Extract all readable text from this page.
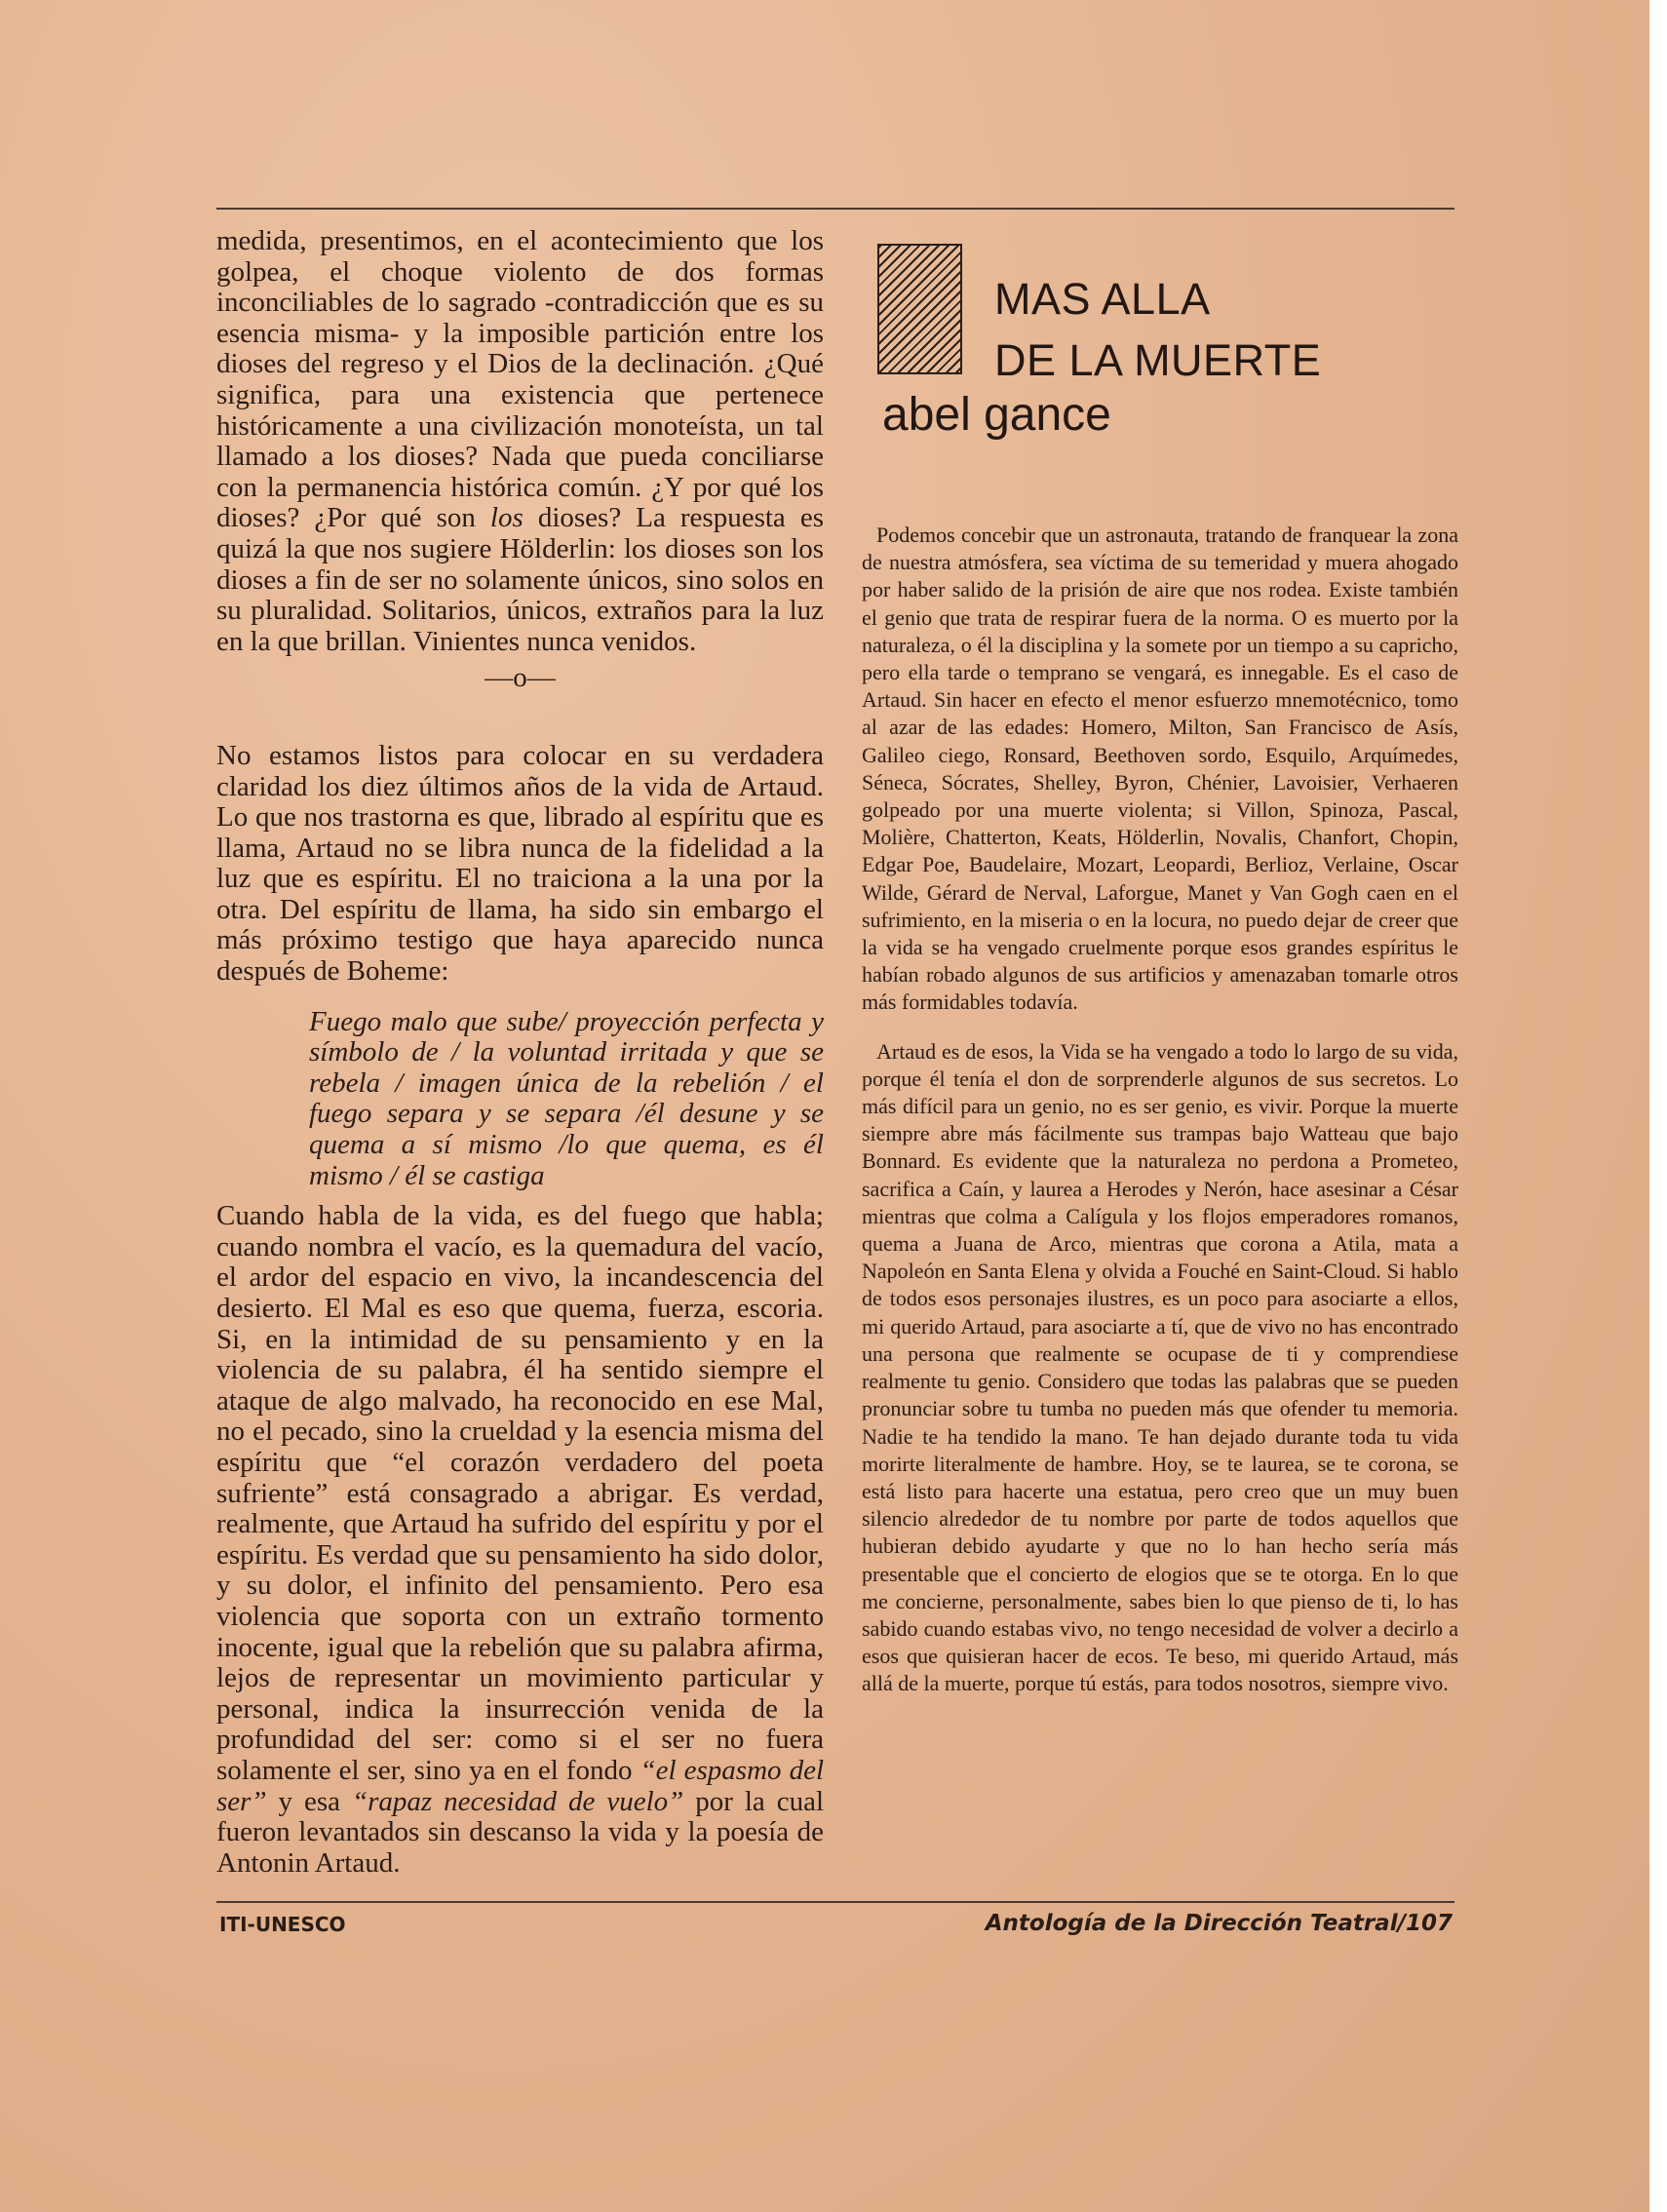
medida, presentimos, en el acontecimiento que los golpea, el choque violento de dos formas inconciliables de lo sagrado -contradicción que es su esencia misma- y la imposible partición entre los dioses del regreso y el Dios de la declinación. ¿Qué significa, para una existencia que pertenece históricamente a una civilización monoteísta, un tal llamado a los dioses? Nada que pueda conciliarse con la permanencia histórica común. ¿Y por qué los dioses? ¿Por qué son los dioses? La respuesta es quizá la que nos sugiere Hölderlin: los dioses son los dioses a fin de ser no solamente únicos, sino solos en su pluralidad. Solitarios, únicos, extraños para la luz en la que brillan. Vinientes nunca venidos.

—o—

No estamos listos para colocar en su verdadera claridad los diez últimos años de la vida de Artaud. Lo que nos trastorna es que, librado al espíritu que es llama, Artaud no se libra nunca de la fidelidad a la luz que es espíritu. El no traiciona a la una por la otra. Del espíritu de llama, ha sido sin embargo el más próximo testigo que haya aparecido nunca después de Boheme:

Fuego malo que sube/ proyección perfecta y símbolo de / la voluntad irritada y que se rebela / imagen única de la rebelión / el fuego separa y se separa /él desune y se quema a sí mismo /lo que quema, es él mismo / él se castiga

Cuando habla de la vida, es del fuego que habla; cuando nombra el vacío, es la quemadura del vacío, el ardor del espacio en vivo, la incandescencia del desierto. El Mal es eso que quema, fuerza, escoria. Si, en la intimidad de su pensamiento y en la violencia de su palabra, él ha sentido siempre el ataque de algo malvado, ha reconocido en ese Mal, no el pecado, sino la crueldad y la esencia misma del espíritu que “el corazón verdadero del poeta sufriente” está consagrado a abrigar. Es verdad, realmente, que Artaud ha sufrido del espíritu y por el espíritu. Es verdad que su pensamiento ha sido dolor, y su dolor, el infinito del pensamiento. Pero esa violencia que soporta con un extraño tormento inocente, igual que la rebelión que su palabra afirma, lejos de representar un movimiento particular y personal, indica la insurrección venida de la profundidad del ser: como si el ser no fuera solamente el ser, sino ya en el fondo “el espasmo del ser” y esa “rapaz necesidad de vuelo” por la cual fueron levantados sin descanso la vida y la poesía de Antonin Artaud.

MAS ALLA
DE LA MUERTE
abel gance

Podemos concebir que un astronauta, tratando de franquear la zona de nuestra atmósfera, sea víctima de su temeridad y muera ahogado por haber salido de la prisión de aire que nos rodea. Existe también el genio que trata de respirar fuera de la norma. O es muerto por la naturaleza, o él la disciplina y la somete por un tiempo a su capricho, pero ella tarde o temprano se vengará, es innegable. Es el caso de Artaud. Sin hacer en efecto el menor esfuerzo mnemotécnico, tomo al azar de las edades: Homero, Milton, San Francisco de Asís, Galileo ciego, Ronsard, Beethoven sordo, Esquilo, Arquímedes, Séneca, Sócrates, Shelley, Byron, Chénier, Lavoisier, Verhaeren golpeado por una muerte violenta; si Villon, Spinoza, Pascal, Molière, Chatterton, Keats, Hölderlin, Novalis, Chanfort, Chopin, Edgar Poe, Baudelaire, Mozart, Leopardi, Berlioz, Verlaine, Oscar Wilde, Gérard de Nerval, Laforgue, Manet y Van Gogh caen en el sufrimiento, en la miseria o en la locura, no puedo dejar de creer que la vida se ha vengado cruelmente porque esos grandes espíritus le habían robado algunos de sus artificios y amenazaban tomarle otros más formidables todavía.

Artaud es de esos, la Vida se ha vengado a todo lo largo de su vida, porque él tenía el don de sorprenderle algunos de sus secretos. Lo más difícil para un genio, no es ser genio, es vivir. Porque la muerte siempre abre más fácilmente sus trampas bajo Watteau que bajo Bonnard. Es evidente que la naturaleza no perdona a Prometeo, sacrifica a Caín, y laurea a Herodes y Nerón, hace asesinar a César mientras que colma a Calígula y los flojos emperadores romanos, quema a Juana de Arco, mientras que corona a Atila, mata a Napoleón en Santa Elena y olvida a Fouché en Saint-Cloud. Si hablo de todos esos personajes ilustres, es un poco para asociarte a ellos, mi querido Artaud, para asociarte a tí, que de vivo no has encontrado una persona que realmente se ocupase de ti y comprendiese realmente tu genio. Considero que todas las palabras que se pueden pronunciar sobre tu tumba no pueden más que ofender tu memoria. Nadie te ha tendido la mano. Te han dejado durante toda tu vida morirte literalmente de hambre. Hoy, se te laurea, se te corona, se está listo para hacerte una estatua, pero creo que un muy buen silencio alrededor de tu nombre por parte de todos aquellos que hubieran debido ayudarte y que no lo han hecho sería más presentable que el concierto de elogios que se te otorga. En lo que me concierne, personalmente, sabes bien lo que pienso de ti, lo has sabido cuando estabas vivo, no tengo necesidad de volver a decirlo a esos que quisieran hacer de ecos. Te beso, mi querido Artaud, más allá de la muerte, porque tú estás, para todos nosotros, siempre vivo.

ITI-UNESCO	Antología de la Dirección Teatral/107
